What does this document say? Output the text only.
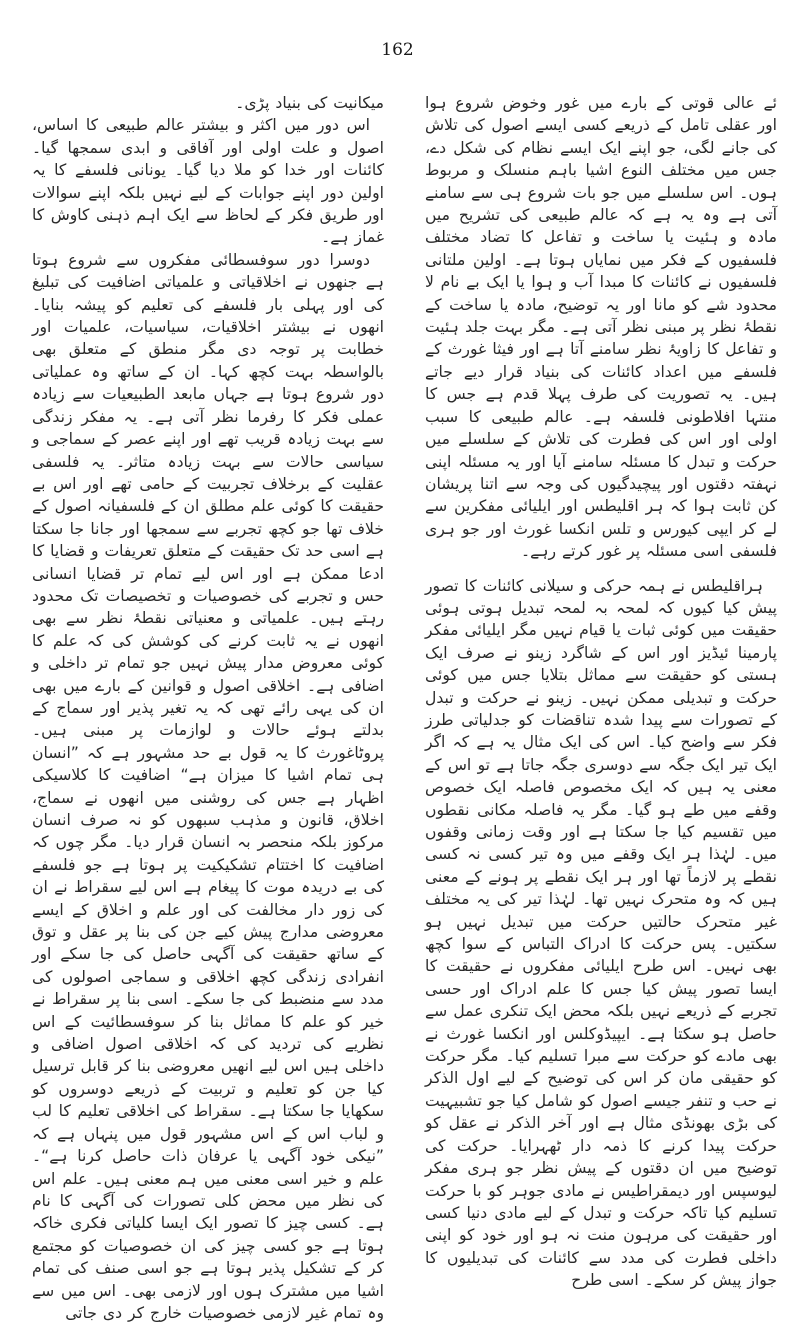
162

ئے عالی قوتی کے بارے میں غور وخوض شروع ہوا اور عقلی تامل کے ذریعے کسی ایسے اصول کی تلاش کی جانے لگی، جو اپنے ایک ایسے نظام کی شکل دے، جس میں مختلف النوع اشیا باہم منسلک و مربوط ہوں۔ اس سلسلے میں جو بات شروع ہی سے سامنے آتی ہے وہ یہ ہے کہ عالم طبیعی کی تشریح میں مادہ و ہئیت یا ساخت و تفاعل کا تضاد مختلف فلسفیوں کے فکر میں نمایاں ہوتا ہے۔ اولین ملتانی فلسفیوں نے کائنات کا مبدا آب و ہوا یا ایک بے نام لا محدود شے کو مانا اور یہ توضیح، مادہ یا ساخت کے نقطۂ نظر پر مبنی نظر آتی ہے۔ مگر بہت جلد ہئیت و تفاعل کا زاویۂ نظر سامنے آتا ہے اور فیثا غورث کے فلسفے میں اعداد کائنات کی بنیاد قرار دیے جاتے ہیں۔ یہ تصوریت کی طرف پہلا قدم ہے جس کا منتہا افلاطونی فلسفہ ہے۔ عالم طبیعی کا سبب اولی اور اس کی فطرت کی تلاش کے سلسلے میں حرکت و تبدل کا مسئلہ سامنے آیا اور یہ مسئلہ اپنی نہفتہ دقتوں اور پیچیدگیوں کی وجہ سے اتنا پریشان کن ثابت ہوا کہ ہر اقلیطس اور ایلیائی مفکرین سے لے کر ایپی کیورس و تلس انکسا غورث اور جو ہری فلسفی اسی مسئلہ پر غور کرتے رہے۔

ہراقلیطس نے ہمہ حرکی و سیلانی کائنات کا تصور پیش کیا کیوں کہ لمحہ بہ لمحہ تبدیل ہوتی ہوئی حقیقت میں کوئی ثبات یا قیام نہیں مگر ایلیائی مفکر پارمینا ئیڈیز اور اس کے شاگرد زینو نے صرف ایک ہستی کو حقیقت سے مماثل بتلایا جس میں کوئی حرکت و تبدیلی ممکن نہیں۔ زینو نے حرکت و تبدل کے تصورات سے پیدا شدہ تناقضات کو جدلیاتی طرز فکر سے واضح کیا۔ اس کی ایک مثال یہ ہے کہ اگر ایک تیر ایک جگہ سے دوسری جگہ جاتا ہے تو اس کے معنی یہ ہیں کہ ایک مخصوص فاصلہ ایک خصوص وقفے میں طے ہو گیا۔ مگر یہ فاصلہ مکانی نقطوں میں تقسیم کیا جا سکتا ہے اور وقت زمانی وقفوں میں۔ لہٰذا ہر ایک وقفے میں وہ تیر کسی نہ کسی نقطے پر لازماً تھا اور ہر ایک نقطے پر ہونے کے معنی ہیں کہ وہ متحرک نہیں تھا۔ لہٰذا تیر کی یہ مختلف غیر متحرک حالتیں حرکت میں تبدیل نہیں ہو سکتیں۔ پس حرکت کا ادراک التباس کے سوا کچھ بھی نہیں۔ اس طرح ایلیائی مفکروں نے حقیقت کا ایسا تصور پیش کیا جس کا علم ادراک اور حسی تجربے کے ذریعے نہیں بلکہ محض ایک تنکری عمل سے حاصل ہو سکتا ہے۔ ایپیڈوکلس اور انکسا غورث نے بھی مادے کو حرکت سے مبرا تسلیم کیا۔ مگر حرکت کو حقیقی مان کر اس کی توضیح کے لیے اول الذکر نے حب و تنفر جیسے اصول کو شامل کیا جو تشبیہیت کی بڑی بھونڈی مثال ہے اور آخر الذکر نے عقل کو حرکت پیدا کرنے کا ذمہ دار ٹھہرایا۔ حرکت کی توضیح میں ان دقتوں کے پیش نظر جو ہری مفکر لیوسپس اور دیمقراطیس نے مادی جوہر کو با حرکت تسلیم کیا تاکہ حرکت و تبدل کے لیے مادی دنیا کسی اور حقیقت کی مرہون منت نہ ہو اور خود کو اپنی داخلی فطرت کی مدد سے کائنات کی تبدیلیوں کا جواز پیش کر سکے۔ اسی طرح

میکانیت کی بنیاد پڑی۔

اس دور میں اکثر و بیشتر عالم طبیعی کا اساس، اصول و علت اولی اور آفاقی و ابدی سمجھا گیا۔ کائنات اور خدا کو ملا دیا گیا۔ یونانی فلسفے کا یہ اولین دور اپنے جوابات کے لیے نہیں بلکہ اپنے سوالات اور طریق فکر کے لحاظ سے ایک اہم ذہنی کاوش کا غماز ہے۔

دوسرا دور سوفسطائی مفکروں سے شروع ہوتا ہے جنھوں نے اخلاقیاتی و علمیاتی اضافیت کی تبلیغ کی اور پہلی بار فلسفے کی تعلیم کو پیشہ بنایا۔ انھوں نے بیشتر اخلاقیات، سیاسیات، علمیات اور خطابت پر توجہ دی مگر منطق کے متعلق بھی بالواسطہ بہت کچھ کہا۔ ان کے ساتھ وہ عملیاتی دور شروع ہوتا ہے جہاں مابعد الطبیعیات سے زیادہ عملی فکر کا رفرما نظر آتی ہے۔ یہ مفکر زندگی سے بہت زیادہ قریب تھے اور اپنے عصر کے سماجی و سیاسی حالات سے بہت زیادہ متاثر۔ یہ فلسفی عقلیت کے برخلاف تجربیت کے حامی تھے اور اس بے حقیقت کا کوئی علم مطلق ان کے فلسفیانہ اصول کے خلاف تھا جو کچھ تجربے سے سمجھا اور جانا جا سکتا ہے اسی حد تک حقیقت کے متعلق تعریفات و قضایا کا ادعا ممکن ہے اور اس لیے تمام تر قضایا انسانی حس و تجربے کی خصوصیات و تخصیصات تک محدود رہتے ہیں۔ علمیاتی و معنیاتی نقطۂ نظر سے بھی انھوں نے یہ ثابت کرنے کی کوشش کی کہ علم کا کوئی معروض مدار پیش نہیں جو تمام تر داخلی و اضافی ہے۔ اخلاقی اصول و قوانین کے بارے میں بھی ان کی یہی رائے تھی کہ یہ تغیر پذیر اور سماج کے بدلتے ہوئے حالات و لوازمات پر مبنی ہیں۔ پروٹاغورث کا یہ قول بے حد مشہور ہے کہ ”انسان ہی تمام اشیا کا میزان ہے“ اضافیت کا کلاسیکی اظہار ہے جس کی روشنی میں انھوں نے سماج، اخلاق، قانون و مذہب سبھوں کو نہ صرف انسان مرکوز بلکہ منحصر بہ انسان قرار دیا۔ مگر چوں کہ اضافیت کا اختتام تشکیکیت پر ہوتا ہے جو فلسفے کی بے دریدہ موت کا پیغام ہے اس لیے سقراط نے ان کی زور دار مخالفت کی اور علم و اخلاق کے ایسے معروضی مدارج پیش کیے جن کی بنا پر عقل و توق کے ساتھ حقیقت کی آگہی حاصل کی جا سکے اور انفرادی زندگی کچھ اخلاقی و سماجی اصولوں کی مدد سے منضبط کی جا سکے۔ اسی بنا پر سقراط نے خیر کو علم کا مماثل بنا کر سوفسطائیت کے اس نظریے کی تردید کی کہ اخلاقی اصول اضافی و داخلی ہیں اس لیے انھیں معروضی بنا کر قابل ترسیل کیا جن کو تعلیم و تربیت کے ذریعے دوسروں کو سکھایا جا سکتا ہے۔ سقراط کی اخلاقی تعلیم کا لب و لباب اس کے اس مشہور قول میں پنہاں ہے کہ ”نیکی خود آگہی یا عرفان ذات حاصل کرنا ہے“۔ علم و خیر اسی معنی میں ہم معنی ہیں۔ علم اس کی نظر میں محض کلی تصورات کی آگہی کا نام ہے۔ کسی چیز کا تصور ایک ایسا کلیاتی فکری خاکہ ہوتا ہے جو کسی چیز کی ان خصوصیات کو مجتمع کر کے تشکیل پذیر ہوتا ہے جو اسی صنف کی تمام اشیا میں مشترک ہوں اور لازمی بھی۔ اس میں سے وہ تمام غیر لازمی خصوصیات خارج کر دی جاتی
